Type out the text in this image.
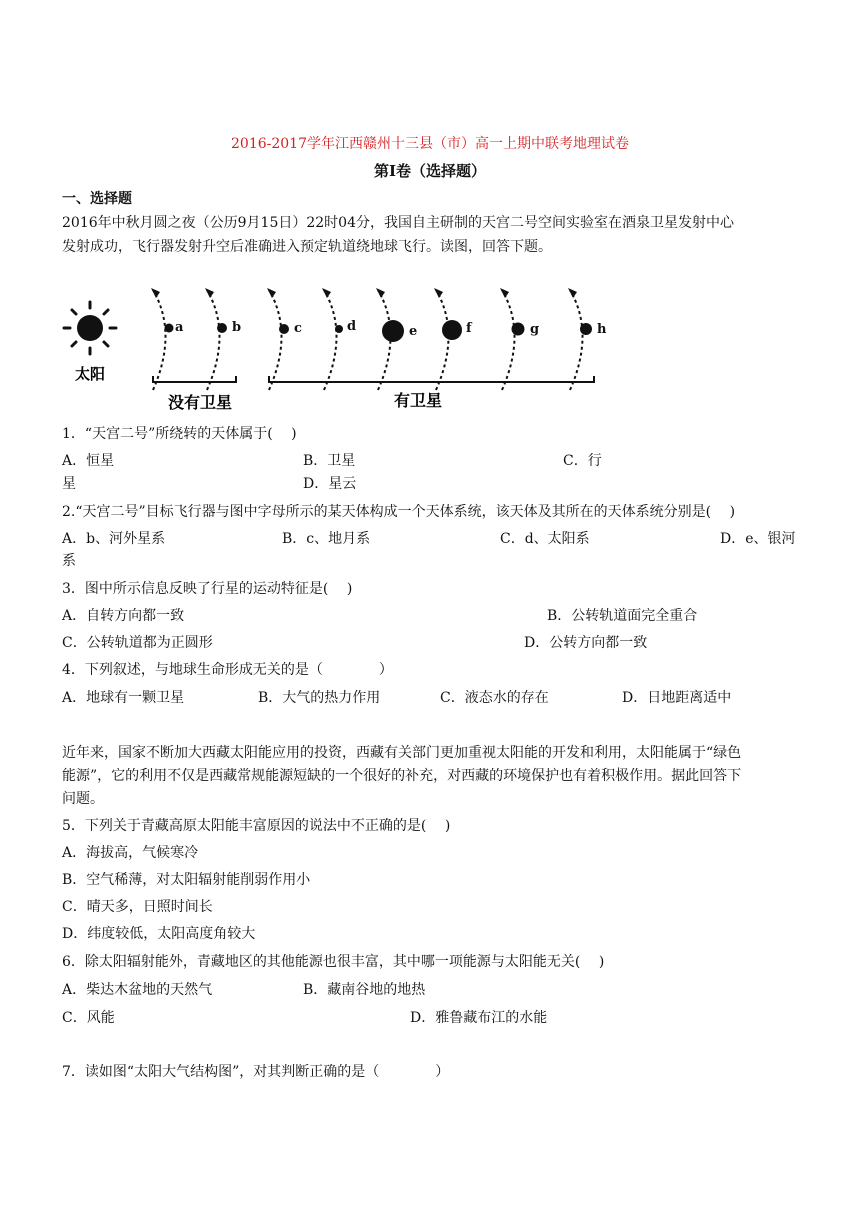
2016-2017学年江西赣州十三县（市）高一上期中联考地理试卷
第Ⅰ卷（选择题）
一、选择题
2016年中秋月圆之夜（公历9月15日）22时04分，我国自主研制的天宫二号空间实验室在酒泉卫星发射中心
发射成功，飞行器发射升空后准确进入预定轨道绕地球飞行。读图，回答下题。
太阳
a	b	c	d	e	f	g	h
没有卫星	有卫星
1．“天宫二号”所绕转的天体属于(　 )
A．恒星	B．卫星	C．行
星	D．星云
2.“天宫二号”目标飞行器与图中字母所示的某天体构成一个天体系统，该天体及其所在的天体系统分别是(　 )
A．b、河外星系	B．c、地月系	C．d、太阳系	D．e、银河
系
3．图中所示信息反映了行星的运动特征是(　 )
A．自转方向都一致	B．公转轨道面完全重合
C．公转轨道都为正圆形	D．公转方向都一致
4．下列叙述，与地球生命形成无关的是（　　　　）
A．地球有一颗卫星	B．大气的热力作用	C．液态水的存在	D．日地距离适中
近年来，国家不断加大西藏太阳能应用的投资，西藏有关部门更加重视太阳能的开发和利用，太阳能属于“绿色
能源”，它的利用不仅是西藏常规能源短缺的一个很好的补充，对西藏的环境保护也有着积极作用。据此回答下
问题。
5．下列关于青藏高原太阳能丰富原因的说法中不正确的是(　 )
A．海拔高，气候寒冷
B．空气稀薄，对太阳辐射能削弱作用小
C．晴天多，日照时间长
D．纬度较低，太阳高度角较大
6．除太阳辐射能外，青藏地区的其他能源也很丰富，其中哪一项能源与太阳能无关(　 )
A．柴达木盆地的天然气	B．藏南谷地的地热
C．风能	D．雅鲁藏布江的水能
7．读如图“太阳大气结构图”，对其判断正确的是（　　　　）
